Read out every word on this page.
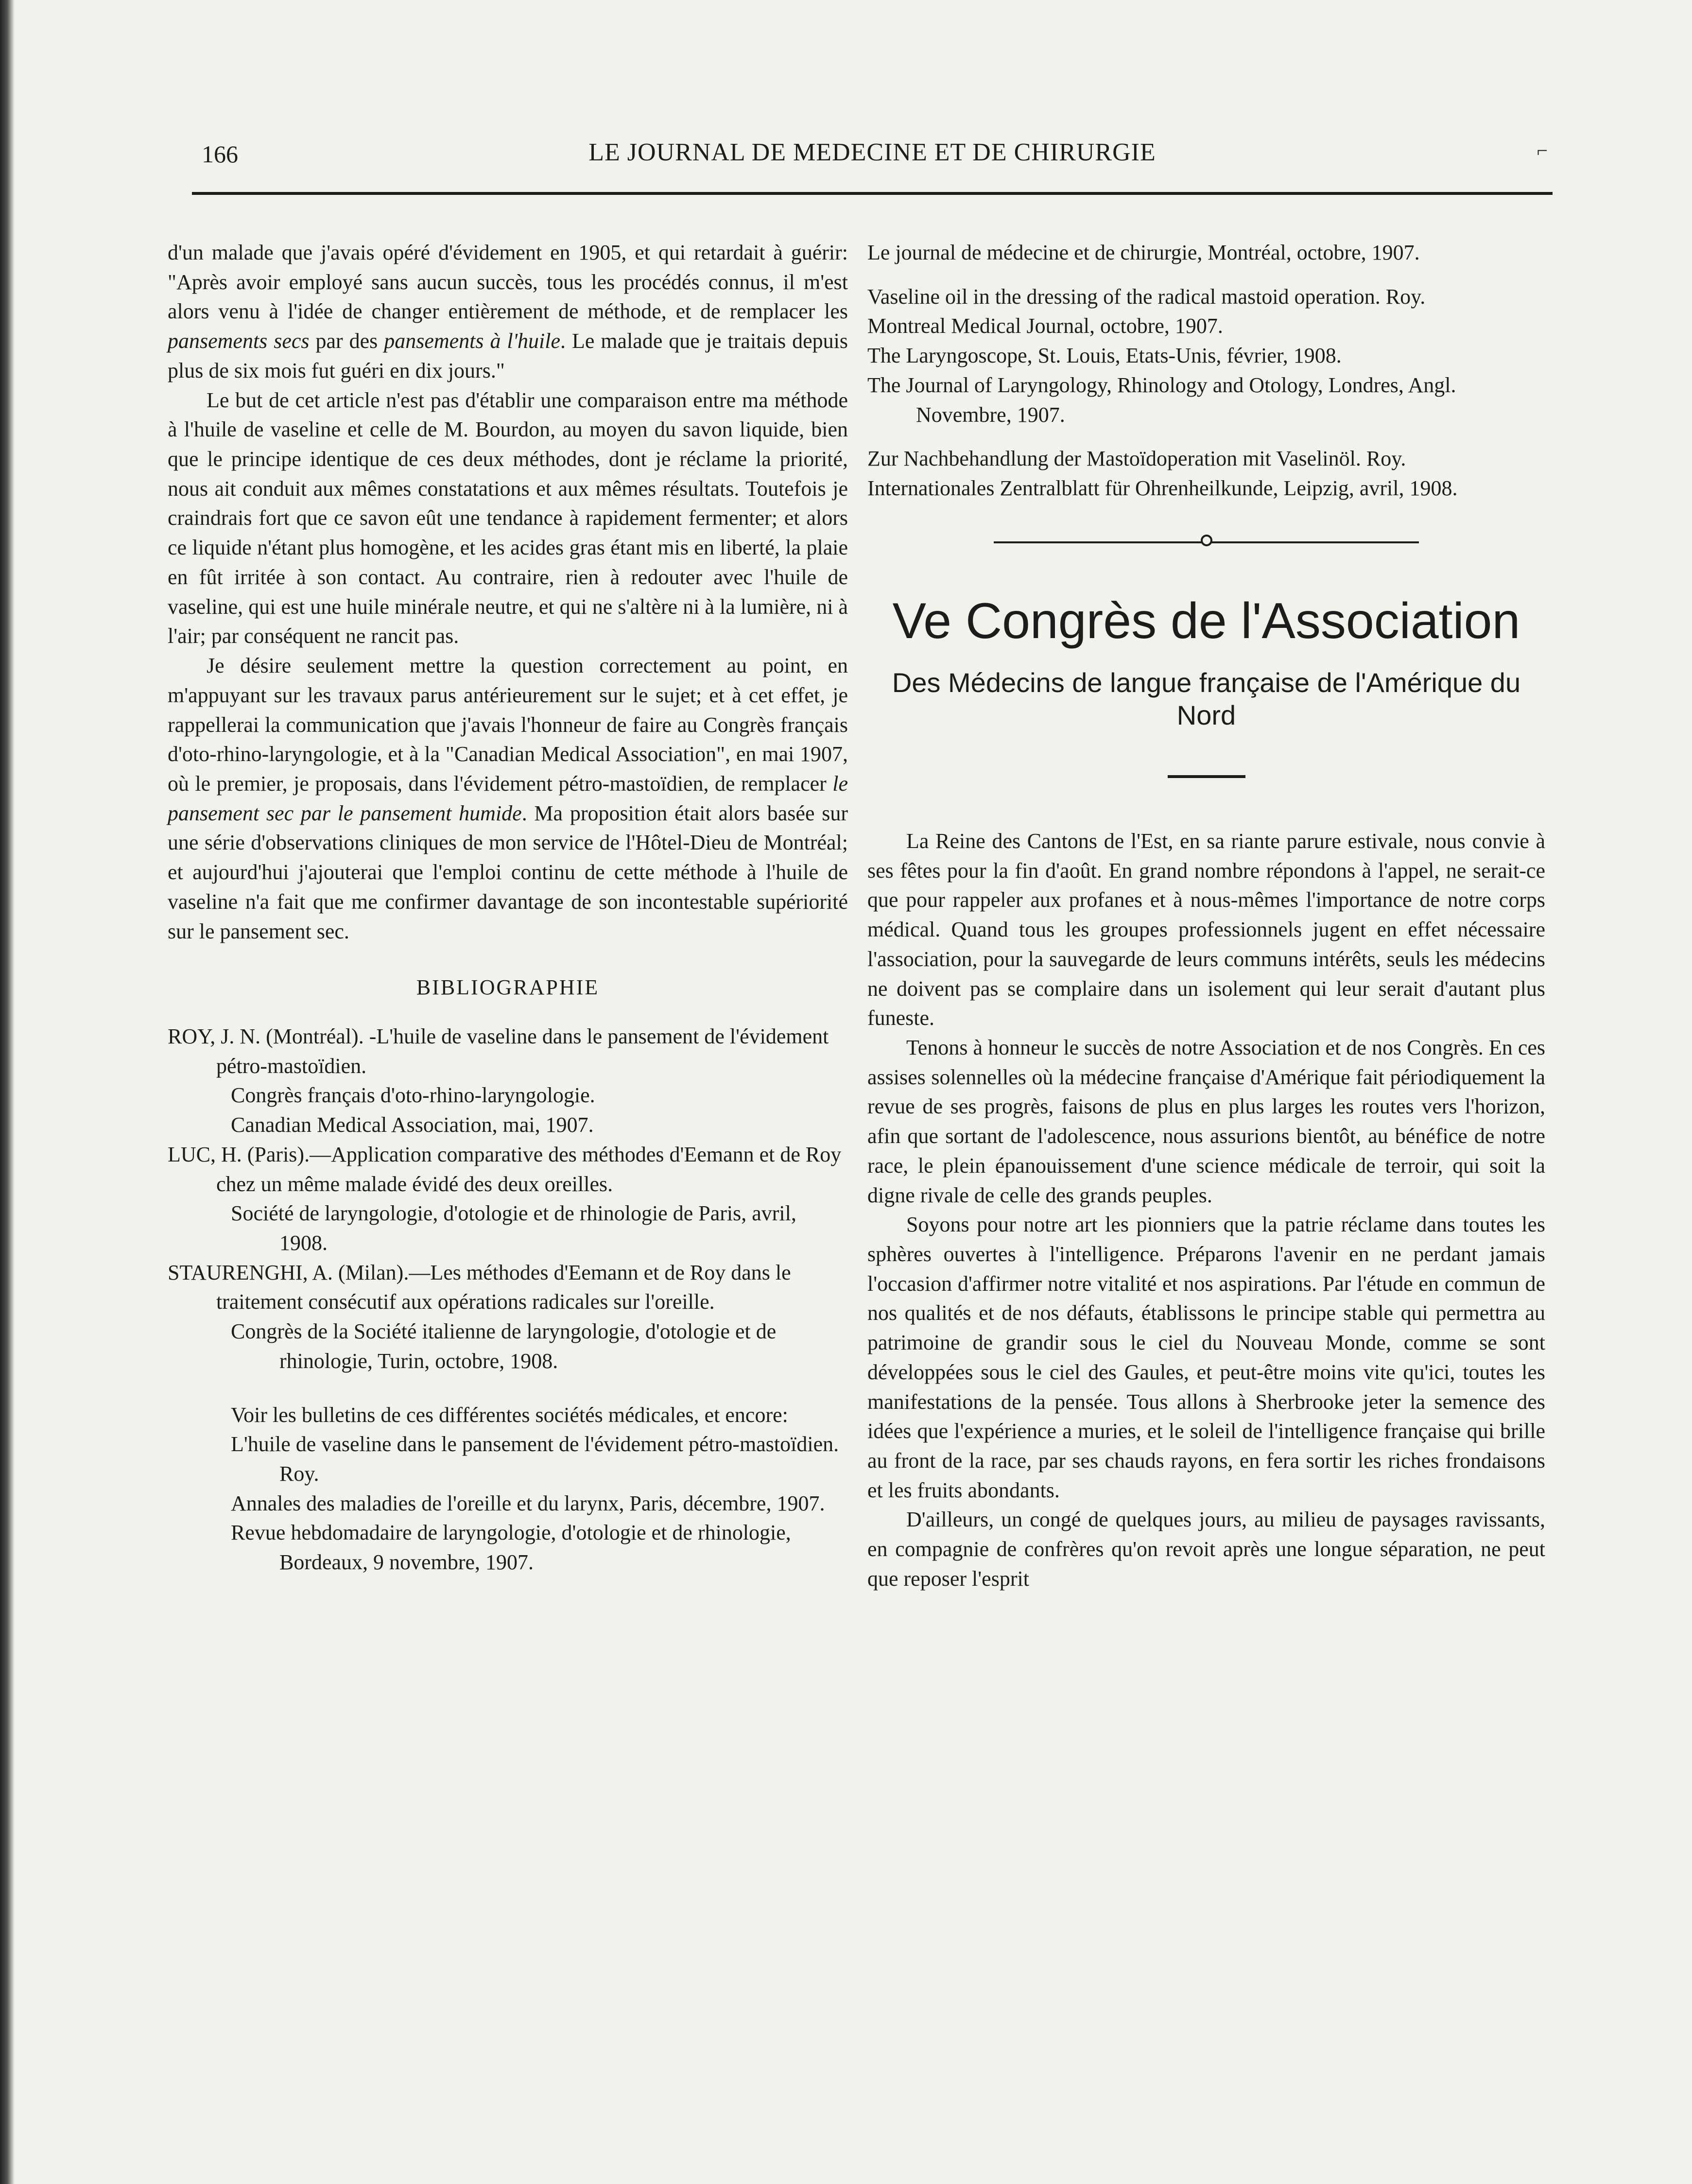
166	LE JOURNAL DE MEDECINE ET DE CHIRURGIE	⌐

d'un malade que j'avais opéré d'évidement en 1905, et qui retardait à guérir: "Après avoir employé sans aucun succès, tous les procédés connus, il m'est alors venu à l'idée de changer entièrement de méthode, et de remplacer les pansements secs par des pansements à l'huile. Le malade que je traitais depuis plus de six mois fut guéri en dix jours."

Le but de cet article n'est pas d'établir une comparaison entre ma méthode à l'huile de vaseline et celle de M. Bourdon, au moyen du savon liquide, bien que le principe identique de ces deux méthodes, dont je réclame la priorité, nous ait conduit aux mêmes constatations et aux mêmes résultats. Toutefois je craindrais fort que ce savon eût une tendance à rapidement fermenter; et alors ce liquide n'étant plus homogène, et les acides gras étant mis en liberté, la plaie en fût irritée à son contact. Au contraire, rien à redouter avec l'huile de vaseline, qui est une huile minérale neutre, et qui ne s'altère ni à la lumière, ni à l'air; par conséquent ne rancit pas.

Je désire seulement mettre la question correctement au point, en m'appuyant sur les travaux parus antérieurement sur le sujet; et à cet effet, je rappellerai la communication que j'avais l'honneur de faire au Congrès français d'oto-rhino-laryngologie, et à la "Canadian Medical Association", en mai 1907, où le premier, je proposais, dans l'évidement pétro-mastoïdien, de remplacer le pansement sec par le pansement humide. Ma proposition était alors basée sur une série d'observations cliniques de mon service de l'Hôtel-Dieu de Montréal; et aujourd'hui j'ajouterai que l'emploi continu de cette méthode à l'huile de vaseline n'a fait que me confirmer davantage de son incontestable supériorité sur le pansement sec.

BIBLIOGRAPHIE

ROY, J. N. (Montréal). -L'huile de vaseline dans le pansement de l'évidement pétro-mastoïdien.

Congrès français d'oto-rhino-laryngologie.

Canadian Medical Association, mai, 1907.

LUC, H. (Paris).—Application comparative des méthodes d'Eemann et de Roy chez un même malade évidé des deux oreilles.

Société de laryngologie, d'otologie et de rhinologie de Paris, avril, 1908.

STAURENGHI, A. (Milan).—Les méthodes d'Eemann et de Roy dans le traitement consécutif aux opérations radicales sur l'oreille.

Congrès de la Société italienne de laryngologie, d'otologie et de rhinologie, Turin, octobre, 1908.

Voir les bulletins de ces différentes sociétés médicales, et encore:

L'huile de vaseline dans le pansement de l'évidement pétro-mastoïdien. Roy.

Annales des maladies de l'oreille et du larynx, Paris, décembre, 1907.

Revue hebdomadaire de laryngologie, d'otologie et de rhinologie, Bordeaux, 9 novembre, 1907.

Le journal de médecine et de chirurgie, Montréal, octobre, 1907.

Vaseline oil in the dressing of the radical mastoid operation. Roy.

Montreal Medical Journal, octobre, 1907.

The Laryngoscope, St. Louis, Etats-Unis, février, 1908.

The Journal of Laryngology, Rhinology and Otology, Londres, Angl. Novembre, 1907.

Zur Nachbehandlung der Mastoïdoperation mit Vaselinöl. Roy.

Internationales Zentralblatt für Ohrenheilkunde, Leipzig, avril, 1908.

Ve Congrès de l'Association
Des Médecins de langue française de l'Amérique du Nord

La Reine des Cantons de l'Est, en sa riante parure estivale, nous convie à ses fêtes pour la fin d'août. En grand nombre répondons à l'appel, ne serait-ce que pour rappeler aux profanes et à nous-mêmes l'importance de notre corps médical. Quand tous les groupes professionnels jugent en effet nécessaire l'association, pour la sauvegarde de leurs communs intérêts, seuls les médecins ne doivent pas se complaire dans un isolement qui leur serait d'autant plus funeste.

Tenons à honneur le succès de notre Association et de nos Congrès. En ces assises solennelles où la médecine française d'Amérique fait périodiquement la revue de ses progrès, faisons de plus en plus larges les routes vers l'horizon, afin que sortant de l'adolescence, nous assurions bientôt, au bénéfice de notre race, le plein épanouissement d'une science médicale de terroir, qui soit la digne rivale de celle des grands peuples.

Soyons pour notre art les pionniers que la patrie réclame dans toutes les sphères ouvertes à l'intelligence. Préparons l'avenir en ne perdant jamais l'occasion d'affirmer notre vitalité et nos aspirations. Par l'étude en commun de nos qualités et de nos défauts, établissons le principe stable qui permettra au patrimoine de grandir sous le ciel du Nouveau Monde, comme se sont développées sous le ciel des Gaules, et peut-être moins vite qu'ici, toutes les manifestations de la pensée. Tous allons à Sherbrooke jeter la semence des idées que l'expérience a muries, et le soleil de l'intelligence française qui brille au front de la race, par ses chauds rayons, en fera sortir les riches frondaisons et les fruits abondants.

D'ailleurs, un congé de quelques jours, au milieu de paysages ravissants, en compagnie de confrères qu'on revoit après une longue séparation, ne peut que reposer l'esprit
